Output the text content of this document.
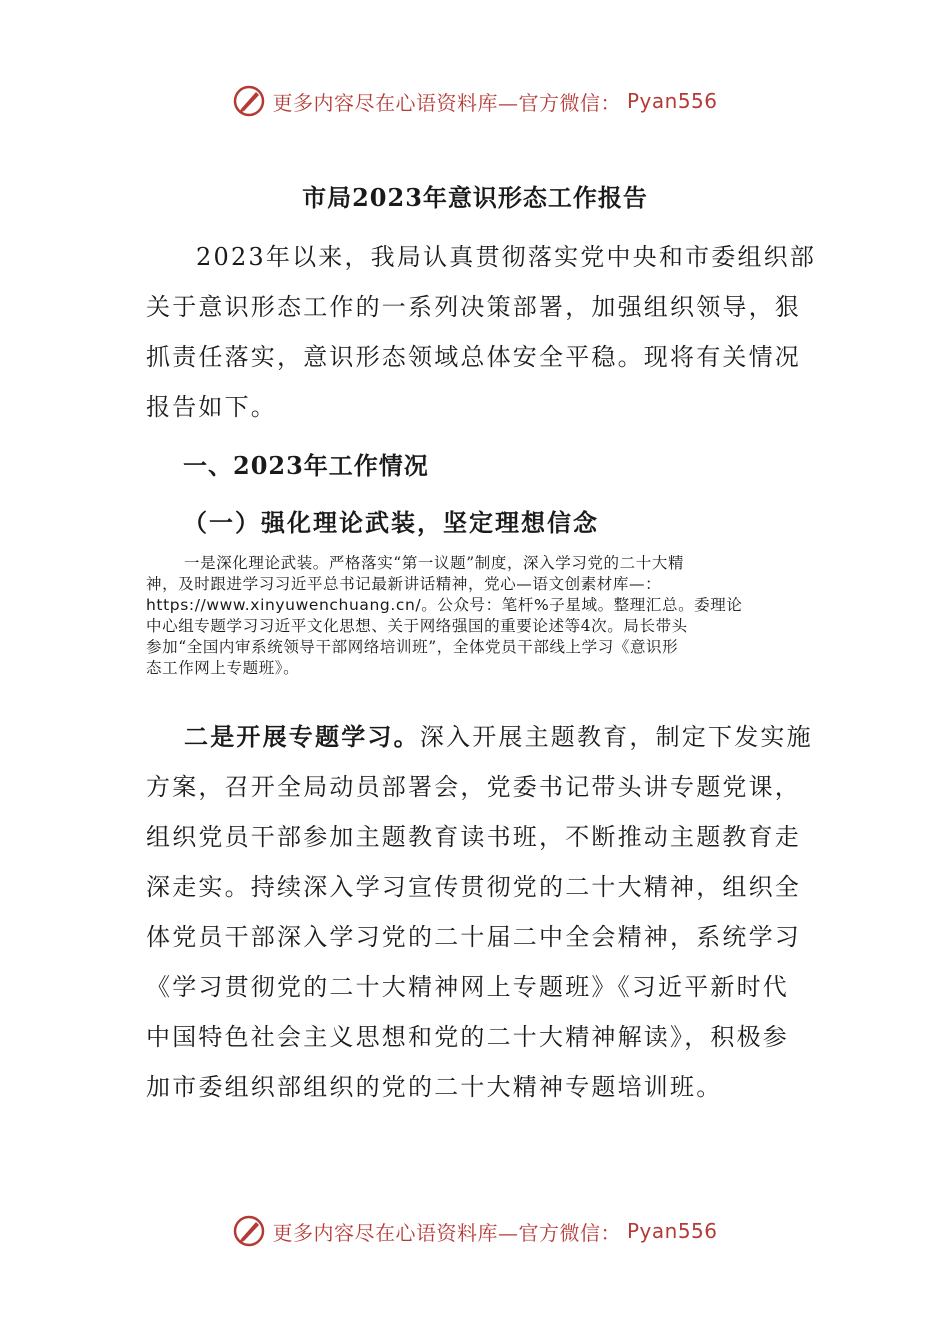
更多内容尽在心语资料库—官方微信： Pyan556
市局2023年意识形态工作报告
2023年以来，我局认真贯彻落实党中央和市委组织部
关于意识形态工作的一系列决策部署，加强组织领导，狠
抓责任落实，意识形态领域总体安全平稳。现将有关情况
报告如下。
一、2023年工作情况
（一）强化理论武装，坚定理想信念
一是深化理论武装。严格落实“第一议题”制度，深入学习党的二十大精
神，及时跟进学习习近平总书记最新讲话精神，党心—语文创素材库—：
https://www.xinyuwenchuang.cn/。公众号：笔杆%子星域。整理汇总。委理论
中心组专题学习习近平文化思想、关于网络强国的重要论述等4次。局长带头
参加“全国内审系统领导干部网络培训班”，全体党员干部线上学习《意识形
态工作网上专题班》。
二是开展专题学习。深入开展主题教育，制定下发实施
方案，召开全局动员部署会，党委书记带头讲专题党课，
组织党员干部参加主题教育读书班，不断推动主题教育走
深走实。持续深入学习宣传贯彻党的二十大精神，组织全
体党员干部深入学习党的二十届二中全会精神，系统学习
《学习贯彻党的二十大精神网上专题班》《习近平新时代
中国特色社会主义思想和党的二十大精神解读》，积极参
加市委组织部组织的党的二十大精神专题培训班。
更多内容尽在心语资料库—官方微信： Pyan556
